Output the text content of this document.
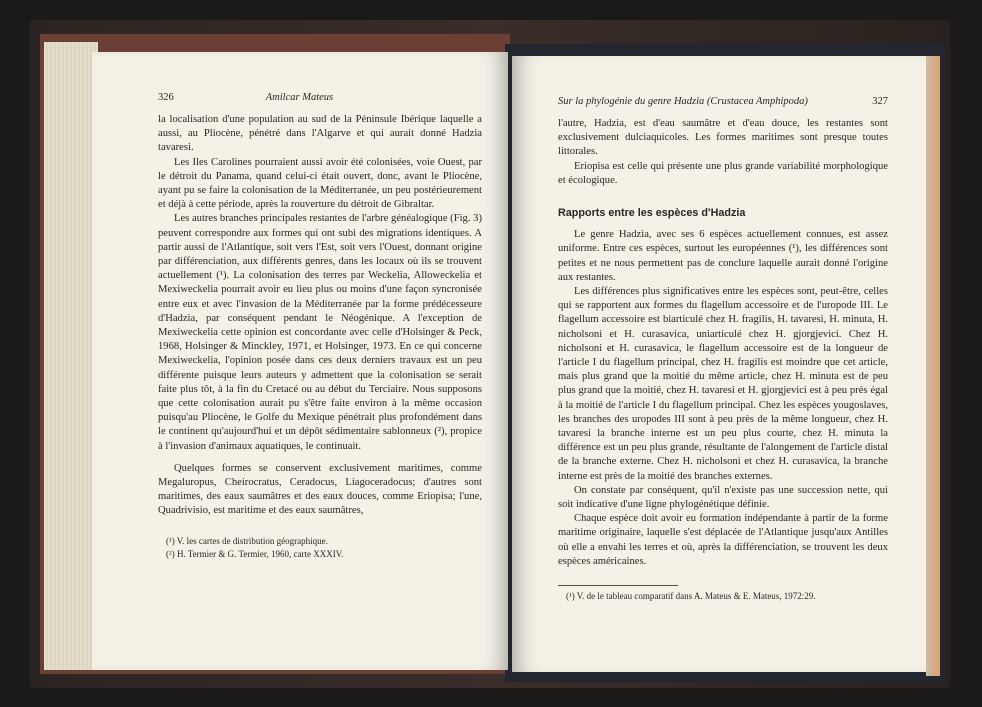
326	Amilcar Mateus

la localisation d'une population au sud de la Péninsule Ibérique laquelle a aussi, au Pliocène, pénétré dans l'Algarve et qui aurait donné Hadzia tavaresi.

Les Iles Carolines pourraient aussi avoir été colonisées, voie Ouest, par le détroit du Panama, quand celui-ci était ouvert, donc, avant le Pliocène, ayant pu se faire la colonisation de la Méditerranée, un peu postérieurement et déjà à cette période, après la rouverture du détroit de Gibraltar.

Les autres branches principales restantes de l'arbre généalogique (Fig. 3) peuvent correspondre aux formes qui ont subi des migrations identiques. A partir aussi de l'Atlantique, soit vers l'Est, soit vers l'Ouest, donnant origine par différenciation, aux différents genres, dans les locaux où ils se trouvent actuellement (¹). La colonisation des terres par Weckelia, Alloweckelia et Mexiweckelia pourrait avoir eu lieu plus ou moins d'une façon syncronisée entre eux et avec l'invasion de la Méditerranée par la forme prédécesseure d'Hadzia, par conséquent pendant le Néogénique. A l'exception de Mexiweckelia cette opinion est concordante avec celle d'Holsinger & Peck, 1968, Holsinger & Minckley, 1971, et Holsinger, 1973. En ce qui concerne Mexiweckelia, l'opinion posée dans ces deux derniers travaux est un peu différente puisque leurs auteurs y admettent que la colonisation se serait faite plus tôt, à la fin du Cretacé ou au début du Terciaire. Nous supposons que cette colonisation aurait pu s'être faite environ à la même occasion puisqu'au Pliocène, le Golfe du Mexique pénétrait plus profondément dans le continent qu'aujourd'hui et un dépôt sédimentaire sablonneux (²), propice à l'invasion d'animaux aquatiques, le continuait.

Quelques formes se conservent exclusivement maritimes, comme Megaluropus, Cheirocratus, Ceradocus, Liagoceradocus; d'autres sont maritimes, des eaux saumâtres et des eaux douces, comme Eriopisa; l'une, Quadrivisio, est maritime et des eaux saumâtres,

(¹) V. les cartes de distribution géographique.

(²) H. Termier & G. Termier, 1960, carte XXXIV.

Sur la phylogénie du genre Hadzia (Crustacea Amphipoda)	327

l'autre, Hadzia, est d'eau saumâtre et d'eau douce, les restantes sont exclusivement dulciaquicoles. Les formes maritimes sont presque toutes littorales.

Eriopisa est celle qui présente une plus grande variabilité morphologique et écologique.

Rapports entre les espèces d'Hadzia

Le genre Hadzia, avec ses 6 espèces actuellement connues, est assez uniforme. Entre ces espèces, surtout les européennes (¹), les différences sont petites et ne nous permettent pas de conclure laquelle aurait donné l'origine aux restantes.

Les différences plus significatives entre les espèces sont, peut-être, celles qui se rapportent aux formes du flagellum accessoire et de l'uropode III. Le flagellum accessoire est biarticulé chez H. fragilis, H. tavaresi, H. minuta, H. nicholsoni et H. curasavica, uniarticulé chez H. gjorgjevici. Chez H. nicholsoni et H. curasavica, le flagellum accessoire est de la longueur de l'article I du flagellum principal, chez H. fragilis est moindre que cet article, mais plus grand que la moitié du même article, chez H. minuta est de peu plus grand que la moitié, chez H. tavaresi et H. gjorgjevici est à peu près égal à la moitié de l'article I du flagellum principal. Chez les espèces yougoslaves, les branches des uropodes III sont à peu près de la même longueur, chez H. tavaresi la branche interne est un peu plus courte, chez H. minuta la différence est un peu plus grande, résultante de l'alongement de l'article distal de la branche externe. Chez H. nicholsoni et chez H. curasavica, la branche interne est près de la moitié des branches externes.

On constate par conséquent, qu'il n'existe pas une succession nette, qui soit indicative d'une ligne phylogénétique définie.

Chaque espèce doit avoir eu formation indépendante à partir de la forme maritime originaire, laquelle s'est déplacée de l'Atlantique jusqu'aux Antilles où elle a envahi les terres et où, après la différenciation, se trouvent les deux espèces américaines.

(¹) V. de le tableau comparatif dans A. Mateus & E. Mateus, 1972:29.
